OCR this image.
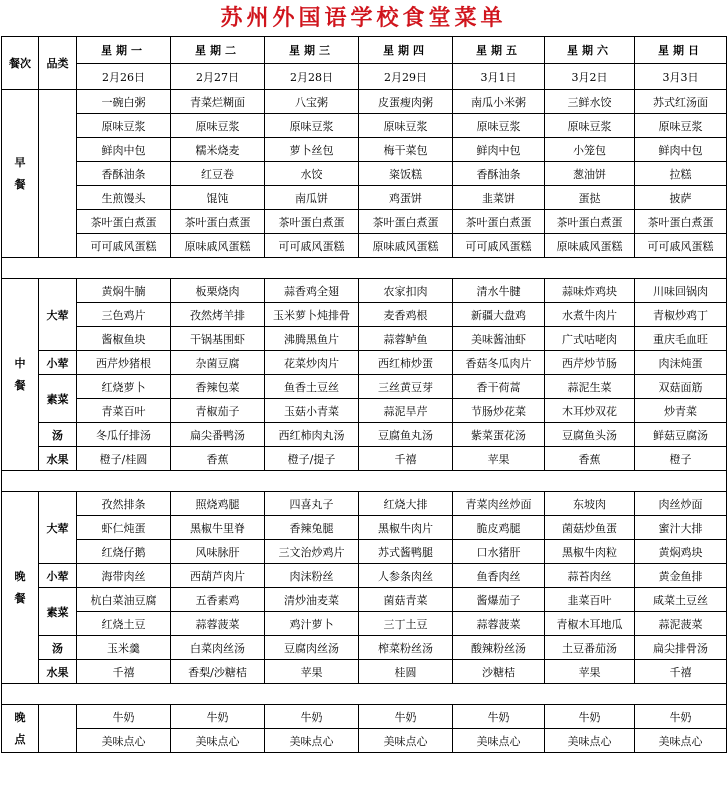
苏州外国语学校食堂菜单
餐次	品类	星期一	星期二	星期三	星期四	星期五	星期六	星期日
		2月26日	2月27日	2月28日	2月29日	3月1日	3月2日	3月3日
早餐		一碗白粥	青菜烂糊面	八宝粥	皮蛋瘦肉粥	南瓜小米粥	三鲜水饺	苏式红汤面
		原味豆浆	原味豆浆	原味豆浆	原味豆浆	原味豆浆	原味豆浆	原味豆浆
		鲜肉中包	糯米烧麦	萝卜丝包	梅干菜包	鲜肉中包	小笼包	鲜肉中包
		香酥油条	红豆卷	水饺	粢饭糕	香酥油条	葱油饼	拉糕
		生煎馒头	馄饨	南瓜饼	鸡蛋饼	韭菜饼	蛋挞	披萨
		茶叶蛋白煮蛋	茶叶蛋白煮蛋	茶叶蛋白煮蛋	茶叶蛋白煮蛋	茶叶蛋白煮蛋	茶叶蛋白煮蛋	茶叶蛋白煮蛋
		可可戚风蛋糕	原味戚风蛋糕	可可戚风蛋糕	原味戚风蛋糕	可可戚风蛋糕	原味戚风蛋糕	可可戚风蛋糕

中餐	大荤	黄焖牛腩	板栗烧肉	蒜香鸡全翅	农家扣肉	清水牛腱	蒜味炸鸡块	川味回锅肉
		三色鸡片	孜然烤羊排	玉米萝卜炖排骨	麦香鸡根	新疆大盘鸡	水煮牛肉片	青椒炒鸡丁
		酱椒鱼块	干锅基围虾	沸腾黑鱼片	蒜蓉鲈鱼	美味酱油虾	广式咕咾肉	重庆毛血旺
	小荤	西芹炒猪根	杂菌豆腐	花菜炒肉片	西红柿炒蛋	香菇冬瓜肉片	西芹炒节肠	肉沫炖蛋
	素菜	红烧萝卜	香辣包菜	鱼香土豆丝	三丝黄豆芽	香干荷蒿	蒜泥生菜	双菇面筋
		青菜百叶	青椒茄子	玉菇小青菜	蒜泥旱芹	节肠炒花菜	木耳炒双花	炒青菜
	汤	冬瓜仔排汤	扁尖番鸭汤	西红柿肉丸汤	豆腐鱼丸汤	紫菜蛋花汤	豆腐鱼头汤	鲜菇豆腐汤
	水果	橙子/桂圆	香蕉	橙子/提子	千禧	苹果	香蕉	橙子

晚餐	大荤	孜然排条	照烧鸡腿	四喜丸子	红烧大排	青菜肉丝炒面	东坡肉	肉丝炒面
		虾仁炖蛋	黑椒牛里脊	香辣兔腿	黑椒牛肉片	脆皮鸡腿	菌菇炒鱼蛋	蜜汁大排
		红烧仔鹅	风味脉肝	三文治炒鸡片	苏式酱鸭腿	口水猪肝	黑椒牛肉粒	黄焖鸡块
	小荤	海带肉丝	西葫芦肉片	肉沫粉丝	人参条肉丝	鱼香肉丝	蒜苔肉丝	黄金鱼排
	素菜	杭白菜油豆腐	五香素鸡	清炒油麦菜	菌菇青菜	酱爆茄子	韭菜百叶	咸菜土豆丝
		红烧土豆	蒜蓉菠菜	鸡汁萝卜	三丁土豆	蒜蓉菠菜	青椒木耳地瓜	蒜泥菠菜
	汤	玉米羹	白菜肉丝汤	豆腐肉丝汤	榨菜粉丝汤	酸辣粉丝汤	土豆番茄汤	扁尖排骨汤
	水果	千禧	香梨/沙糖桔	苹果	桂圆	沙糖桔	苹果	千禧

晚点		牛奶	牛奶	牛奶	牛奶	牛奶	牛奶	牛奶
		美味点心	美味点心	美味点心	美味点心	美味点心	美味点心	美味点心
